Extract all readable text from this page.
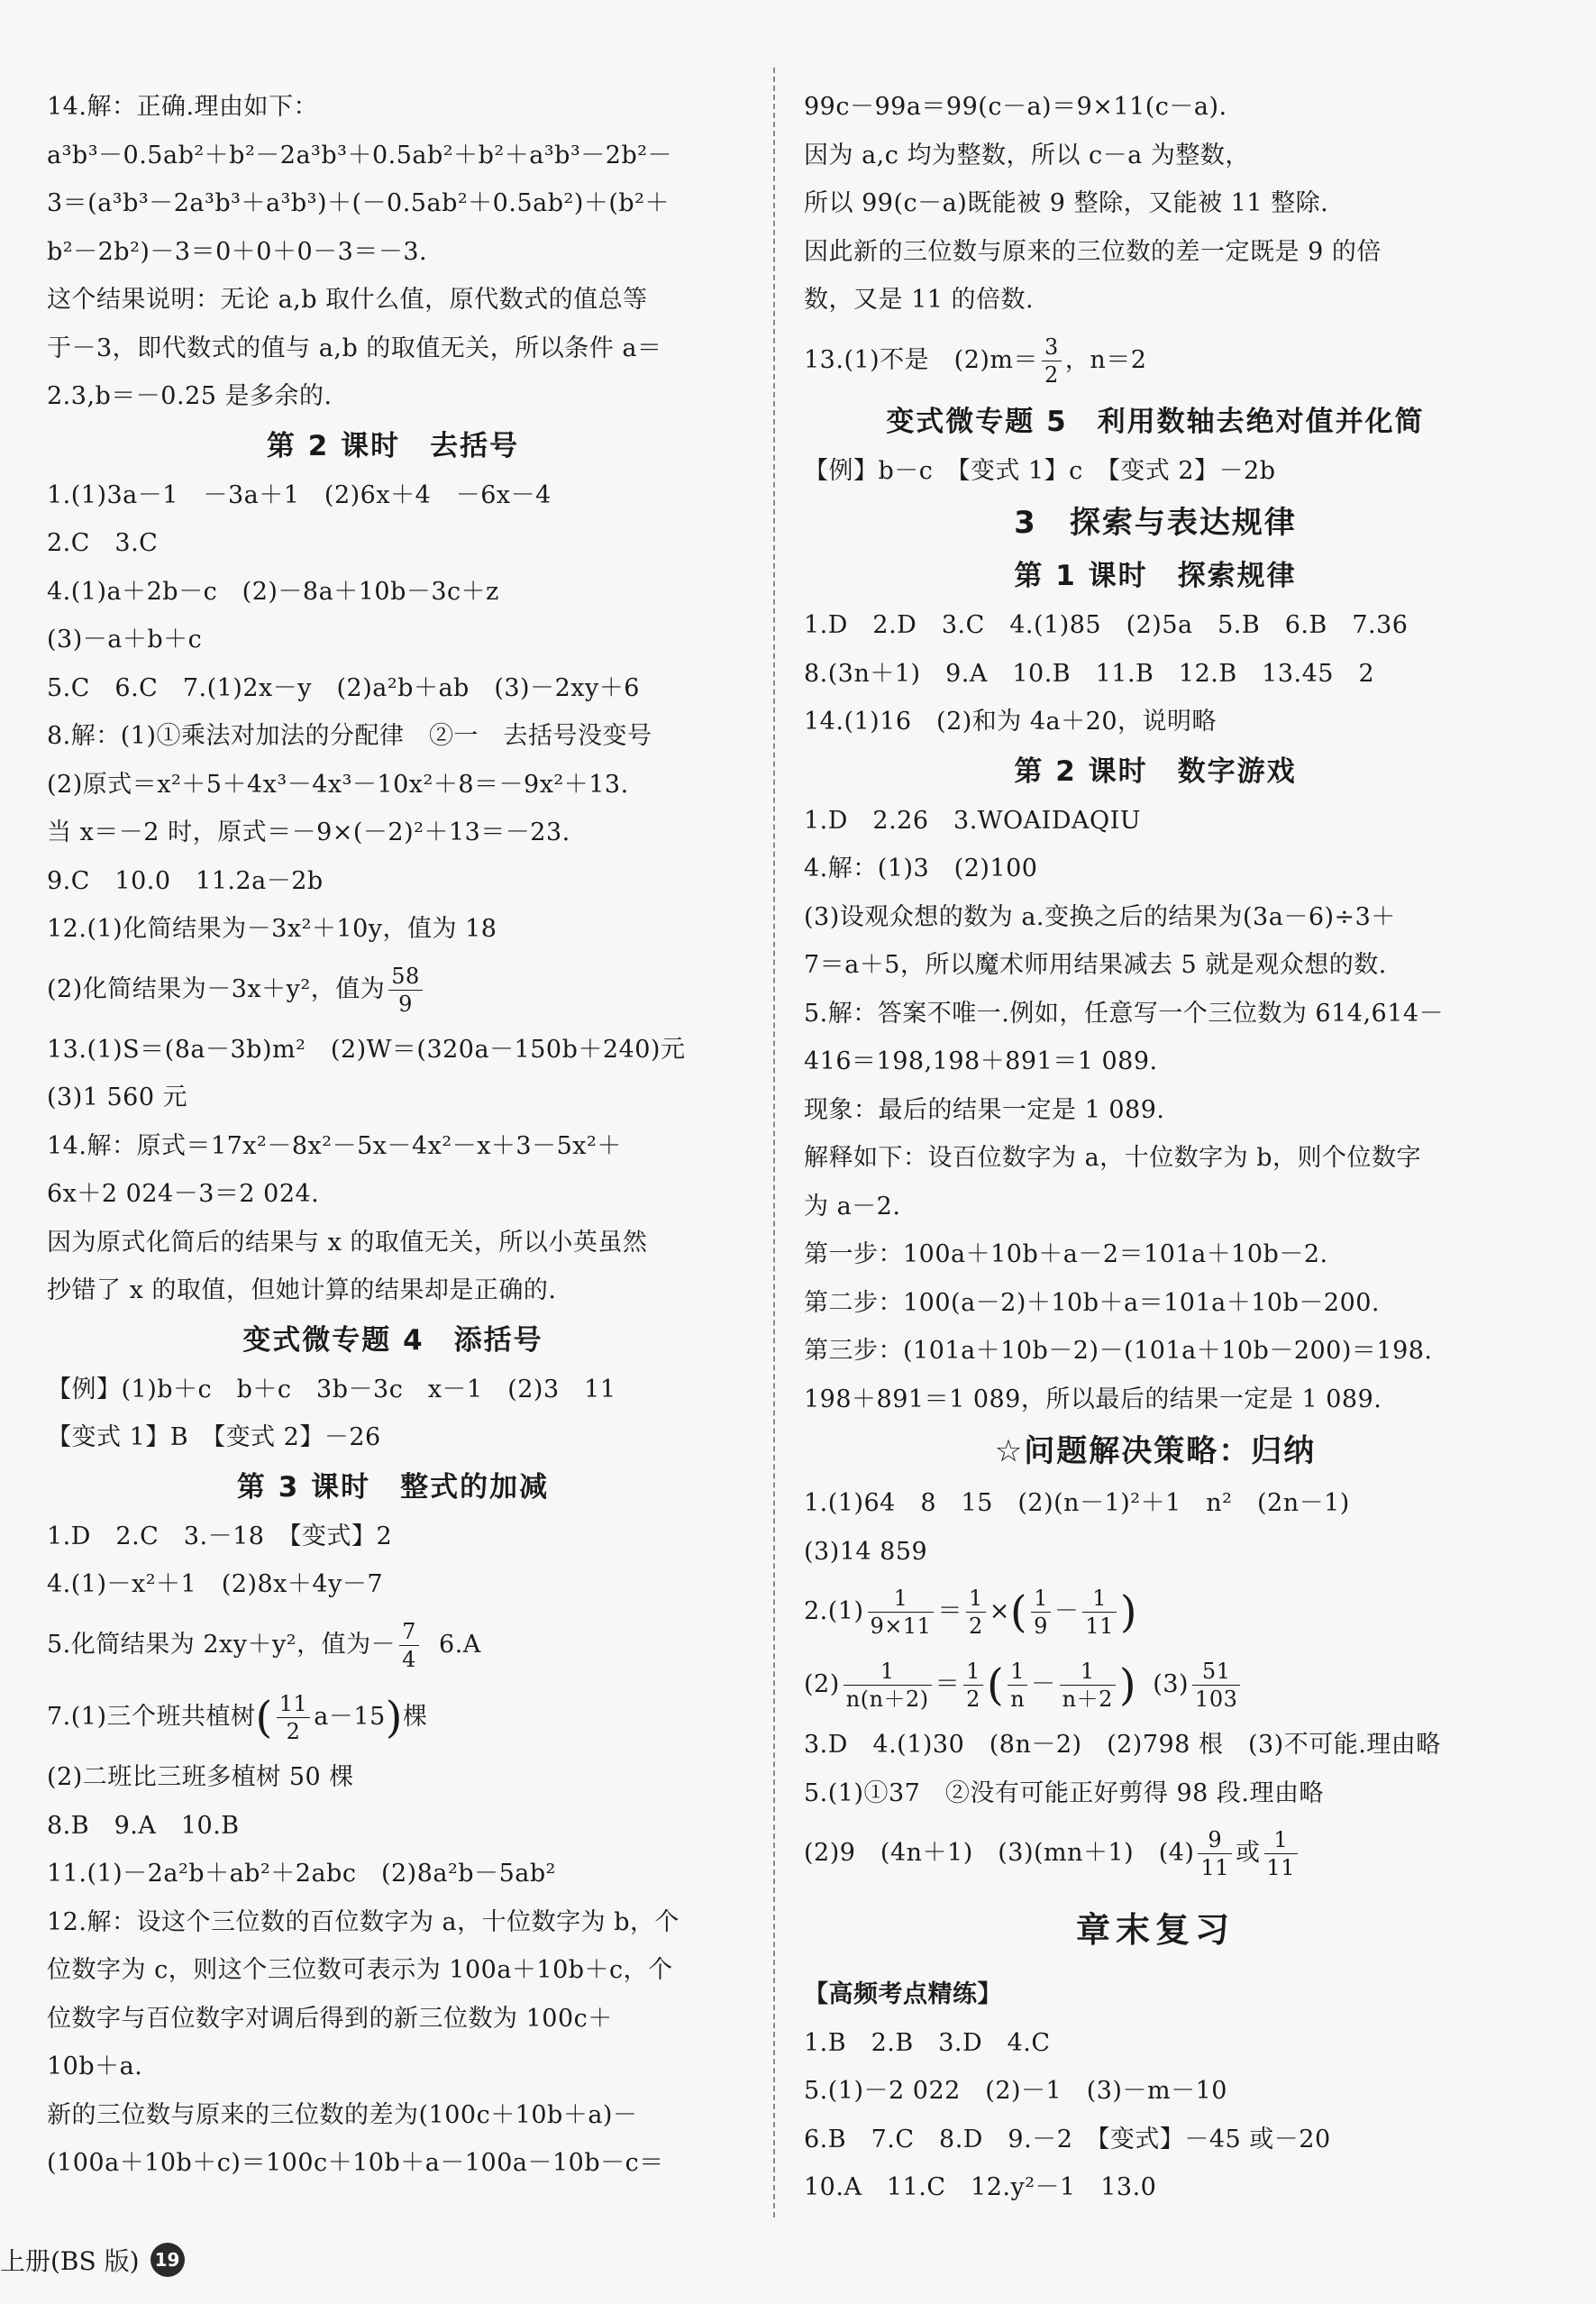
14.解：正确.理由如下：
a³b³－0.5ab²＋b²－2a³b³＋0.5ab²＋b²＋a³b³－2b²－
3＝(a³b³－2a³b³＋a³b³)＋(－0.5ab²＋0.5ab²)＋(b²＋
b²－2b²)－3＝0＋0＋0－3＝－3.
这个结果说明：无论 a,b 取什么值，原代数式的值总等
于－3，即代数式的值与 a,b 的取值无关，所以条件 a＝
2.3,b＝－0.25 是多余的.
第 2 课时　去括号
1.(1)3a－1　－3a＋1　(2)6x＋4　－6x－4
2.C　3.C
4.(1)a＋2b－c　(2)－8a＋10b－3c＋z
(3)－a＋b＋c
5.C　6.C　7.(1)2x－y　(2)a²b＋ab　(3)－2xy＋6
8.解：(1)①乘法对加法的分配律　②一　去括号没变号
(2)原式＝x²＋5＋4x³－4x³－10x²＋8＝－9x²＋13.
当 x＝－2 时，原式＝－9×(－2)²＋13＝－23.
9.C　10.0　11.2a－2b
12.(1)化简结果为－3x²＋10y，值为 18
(2)化简结果为－3x＋y²，值为 $\frac{58}{9}$
13.(1)S＝(8a－3b)m²　(2)W＝(320a－150b＋240)元
(3)1 560 元
14.解：原式＝17x²－8x²－5x－4x²－x＋3－5x²＋
6x＋2 024－3＝2 024.
因为原式化简后的结果与 x 的取值无关，所以小英虽然
抄错了 x 的取值，但她计算的结果却是正确的.
变式微专题 4　添括号
【例】(1)b＋c　b＋c　3b－3c　x－1　(2)3　11
【变式 1】B　【变式 2】－26
第 3 课时　整式的加减
1.D　2.C　3.－18　【变式】2
4.(1)－x²＋1　(2)8x＋4y－7
5.化简结果为 2xy＋y²，值为－ $\frac{7}{4} 6.A$
7.(1)三个班共植树( $\frac{11}{2} a-15$)棵
(2)二班比三班多植树 50 棵
8.B　9.A　10.B
11.(1)－2a²b＋ab²＋2abc　(2)8a²b－5ab²
12.解：设这个三位数的百位数字为 a，十位数字为 b，个
位数字为 c，则这个三位数可表示为 100a＋10b＋c，个
位数字与百位数字对调后得到的新三位数为 100c＋
10b＋a.
新的三位数与原来的三位数的差为(100c＋10b＋a)－
(100a＋10b＋c)＝100c＋10b＋a－100a－10b－c＝
99c－99a＝99(c－a)＝9×11(c－a).
因为 a,c 均为整数，所以 c－a 为整数，
所以 99(c－a)既能被 9 整除，又能被 11 整除.
因此新的三位数与原来的三位数的差一定既是 9 的倍
数，又是 11 的倍数.
13.(1)不是　$(2)m= \frac{3}{2}$ ，n＝2
变式微专题 5　利用数轴去绝对值并化简
【例】b－c　【变式 1】c　【变式 2】－2b
3　探索与表达规律
第 1 课时　探索规律
1.D　2.D　3.C　4.(1)85　(2)5a　5.B　6.B　7.36
8.(3n＋1)　9.A　10.B　11.B　12.B　13.45　2
14.(1)16　(2)和为 4a＋20，说明略
第 2 课时　数字游戏
1.D　2.26　3.WOAIDAQIU
4.解：(1)3　(2)100
(3)设观众想的数为 a.变换之后的结果为(3a－6)÷3＋
7＝a＋5，所以魔术师用结果减去 5 就是观众想的数.
5.解：答案不唯一.例如，任意写一个三位数为 614,614－
416＝198,198＋891＝1 089.
现象：最后的结果一定是 1 089.
解释如下：设百位数字为 a，十位数字为 b，则个位数字
为 a－2.
第一步：100a＋10b＋a－2＝101a＋10b－2.
第二步：100(a－2)＋10b＋a＝101a＋10b－200.
第三步：(101a＋10b－2)－(101a＋10b－200)＝198.
198＋891＝1 089，所以最后的结果一定是 1 089.
☆问题解决策略：归纳
1.(1)64　8　15　(2)(n－1)²＋1　n²　(2n－1)
(3)14 859
$2.(1) \frac{1}{9\times 11} = \frac{1}{2}$ ×( $\frac{1}{9} - \frac{1}{11}$ )
$(2) \frac{1}{n(n+2)} = \frac{1}{2}$ ( $\frac{1}{n} - \frac{1}{n+2}$ ) $(3) \frac{51}{103}$
3.D　4.(1)30　(8n－2)　(2)798 根　(3)不可能.理由略
5.(1)①37　②没有可能正好剪得 98 段.理由略
(2)9　(4n＋1)　(3)(mn＋1)　$(4) \frac{9}{11}$ 或 $\frac{1}{11}$
章末复习
【高频考点精练】
1.B　2.B　3.D　4.C
5.(1)－2 022　(2)－1　(3)－m－10
6.B　7.C　8.D　9.－2　【变式】－45 或－20
10.A　11.C　12.y²－1　13.0
上册(BS 版) 19
